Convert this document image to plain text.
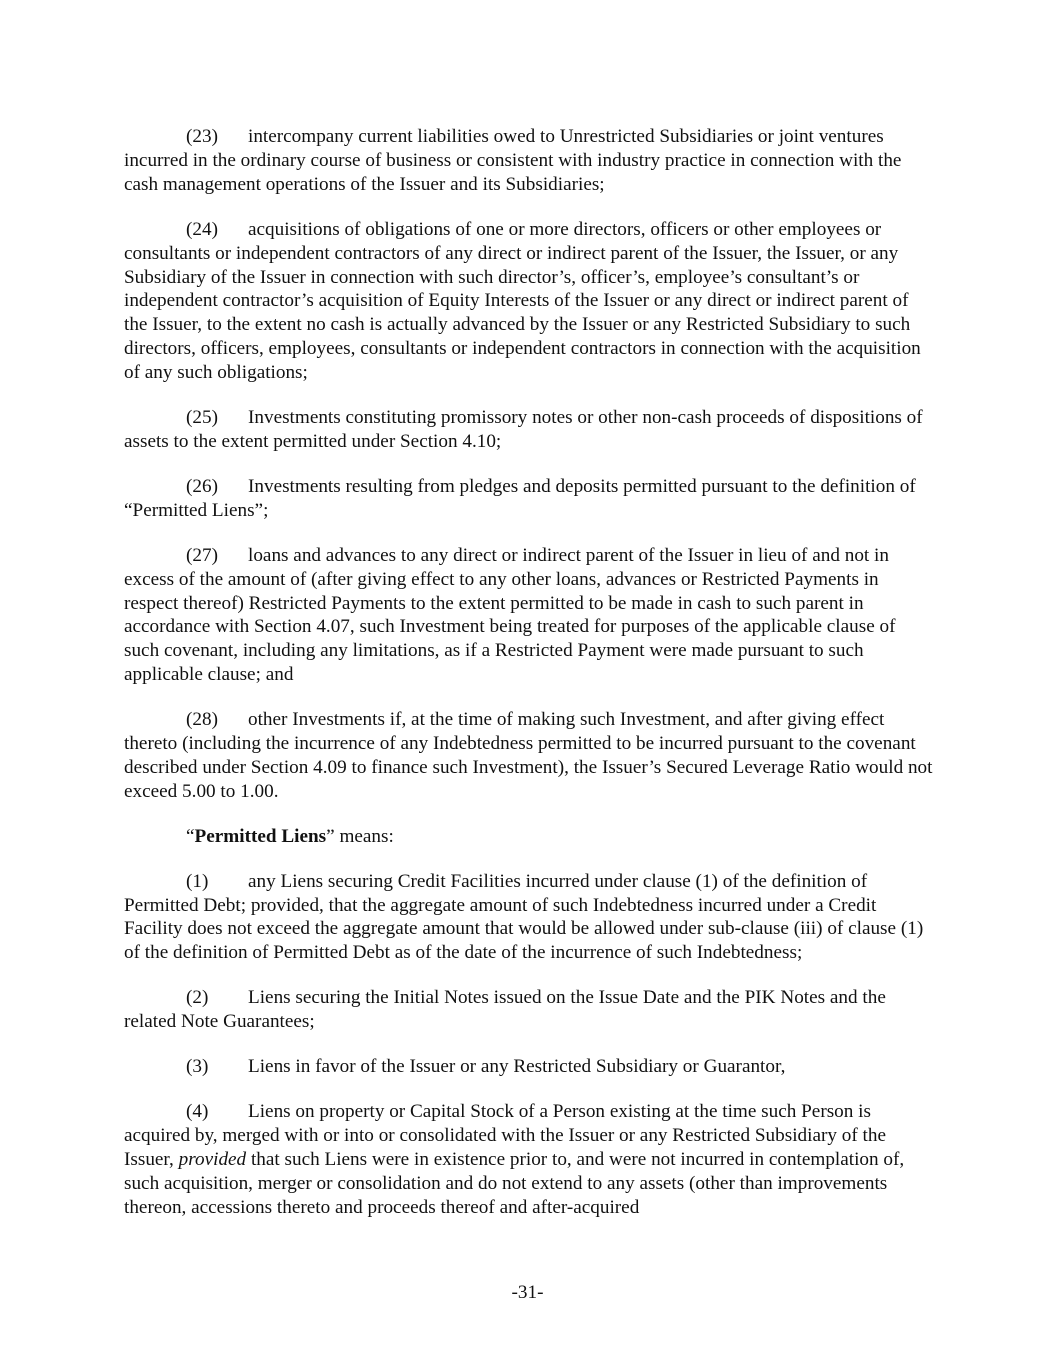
(23) intercompany current liabilities owed to Unrestricted Subsidiaries or joint ventures incurred in the ordinary course of business or consistent with industry practice in connection with the cash management operations of the Issuer and its Subsidiaries;

(24) acquisitions of obligations of one or more directors, officers or other employees or consultants or independent contractors of any direct or indirect parent of the Issuer, the Issuer, or any Subsidiary of the Issuer in connection with such director’s, officer’s, employee’s consultant’s or independent contractor’s acquisition of Equity Interests of the Issuer or any direct or indirect parent of the Issuer, to the extent no cash is actually advanced by the Issuer or any Restricted Subsidiary to such directors, officers, employees, consultants or independent contractors in connection with the acquisition of any such obligations;

(25) Investments constituting promissory notes or other non-cash proceeds of dispositions of assets to the extent permitted under Section 4.10;

(26) Investments resulting from pledges and deposits permitted pursuant to the definition of “Permitted Liens”;

(27) loans and advances to any direct or indirect parent of the Issuer in lieu of and not in excess of the amount of (after giving effect to any other loans, advances or Restricted Payments in respect thereof) Restricted Payments to the extent permitted to be made in cash to such parent in accordance with Section 4.07, such Investment being treated for purposes of the applicable clause of such covenant, including any limitations, as if a Restricted Payment were made pursuant to such applicable clause; and

(28) other Investments if, at the time of making such Investment, and after giving effect thereto (including the incurrence of any Indebtedness permitted to be incurred pursuant to the covenant described under Section 4.09 to finance such Investment), the Issuer’s Secured Leverage Ratio would not exceed 5.00 to 1.00.

“Permitted Liens” means:

(1) any Liens securing Credit Facilities incurred under clause (1) of the definition of Permitted Debt; provided, that the aggregate amount of such Indebtedness incurred under a Credit Facility does not exceed the aggregate amount that would be allowed under sub-clause (iii) of clause (1) of the definition of Permitted Debt as of the date of the incurrence of such Indebtedness;

(2) Liens securing the Initial Notes issued on the Issue Date and the PIK Notes and the related Note Guarantees;

(3) Liens in favor of the Issuer or any Restricted Subsidiary or Guarantor,

(4) Liens on property or Capital Stock of a Person existing at the time such Person is acquired by, merged with or into or consolidated with the Issuer or any Restricted Subsidiary of the Issuer, provided that such Liens were in existence prior to, and were not incurred in contemplation of, such acquisition, merger or consolidation and do not extend to any assets (other than improvements thereon, accessions thereto and proceeds thereof and after-acquired

-31-
